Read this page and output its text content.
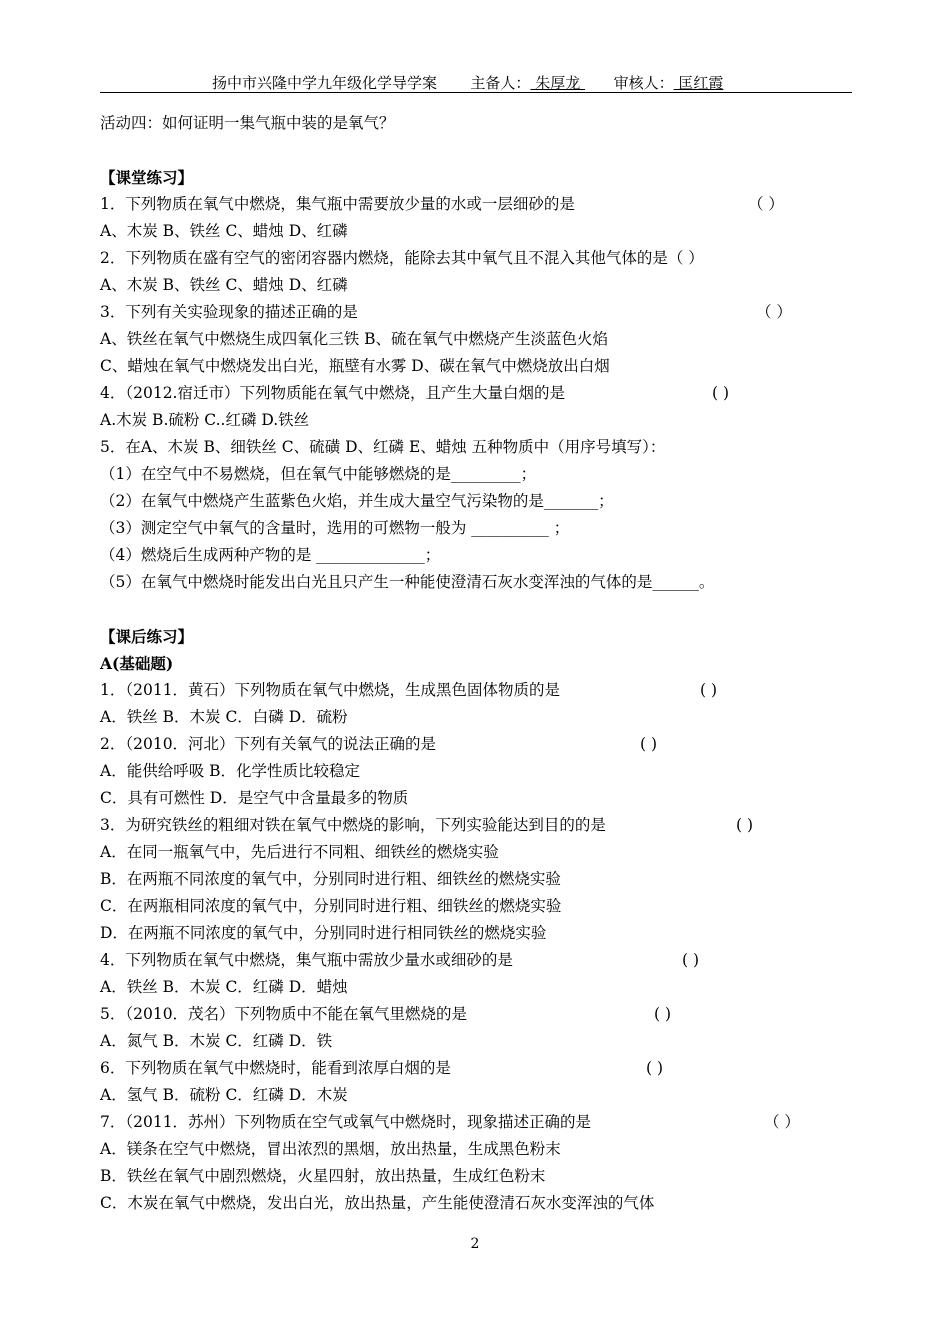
扬中市兴隆中学九年级化学导学案 主备人： 朱厚龙       审核人： 匡红霞
活动四：如何证明一集气瓶中装的是氧气？
【课堂练习】
1．下列物质在氧气中燃烧，集气瓶中需要放少量的水或一层细砂的是	（ ）
A、木炭 B、铁丝 C、蜡烛 D、红磷
2．下列物质在盛有空气的密闭容器内燃烧，能除去其中氧气且不混入其他气体的是（ ）
A、木炭 B、铁丝 C、蜡烛 D、红磷
3．下列有关实验现象的描述正确的是	（ ）
A、铁丝在氧气中燃烧生成四氧化三铁 B、硫在氧气中燃烧产生淡蓝色火焰
C、蜡烛在氧气中燃烧发出白光，瓶壁有水雾 D、碳在氧气中燃烧放出白烟
4．（2012.宿迁市）下列物质能在氧气中燃烧，且产生大量白烟的是	( )
A.木炭 B.硫粉 C..红磷 D.铁丝
5．在A、木炭 B、细铁丝 C、硫磺 D、红磷 E、蜡烛 五种物质中（用序号填写）：
（1）在空气中不易燃烧，但在氧气中能够燃烧的是_________；
（2）在氧气中燃烧产生蓝紫色火焰，并生成大量空气污染物的是_______；
（3）测定空气中氧气的含量时，选用的可燃物一般为 __________ ；
（4）燃烧后生成两种产物的是 ______________；
（5）在氧气中燃烧时能发出白光且只产生一种能使澄清石灰水变浑浊的气体的是______。
【课后练习】
A(基础题)
1．（2011．黄石）下列物质在氧气中燃烧，生成黑色固体物质的是	( )
A．铁丝 B．木炭 C．白磷 D．硫粉
2．（2010．河北）下列有关氧气的说法正确的是	( )
A．能供给呼吸 B．化学性质比较稳定
C．具有可燃性 D．是空气中含量最多的物质
3．为研究铁丝的粗细对铁在氧气中燃烧的影响，下列实验能达到目的的是	( )
A．在同一瓶氧气中，先后进行不同粗、细铁丝的燃烧实验
B．在两瓶不同浓度的氧气中，分别同时进行粗、细铁丝的燃烧实验
C．在两瓶相同浓度的氧气中，分别同时进行粗、细铁丝的燃烧实验
D．在两瓶不同浓度的氧气中，分别同时进行相同铁丝的燃烧实验
4．下列物质在氧气中燃烧，集气瓶中需放少量水或细砂的是	( )
A．铁丝 B．木炭 C．红磷 D．蜡烛
5．（2010．茂名）下列物质中不能在氧气里燃烧的是	( )
A．氮气 B．木炭 C．红磷 D．铁
6．下列物质在氧气中燃烧时，能看到浓厚白烟的是	( )
A．氢气 B．硫粉 C．红磷 D．木炭
7．（2011．苏州）下列物质在空气或氧气中燃烧时，现象描述正确的是	（ ）
A．镁条在空气中燃烧，冒出浓烈的黑烟，放出热量，生成黑色粉末
B．铁丝在氧气中剧烈燃烧，火星四射，放出热量，生成红色粉末
C．木炭在氧气中燃烧，发出白光，放出热量，产生能使澄清石灰水变浑浊的气体
2
